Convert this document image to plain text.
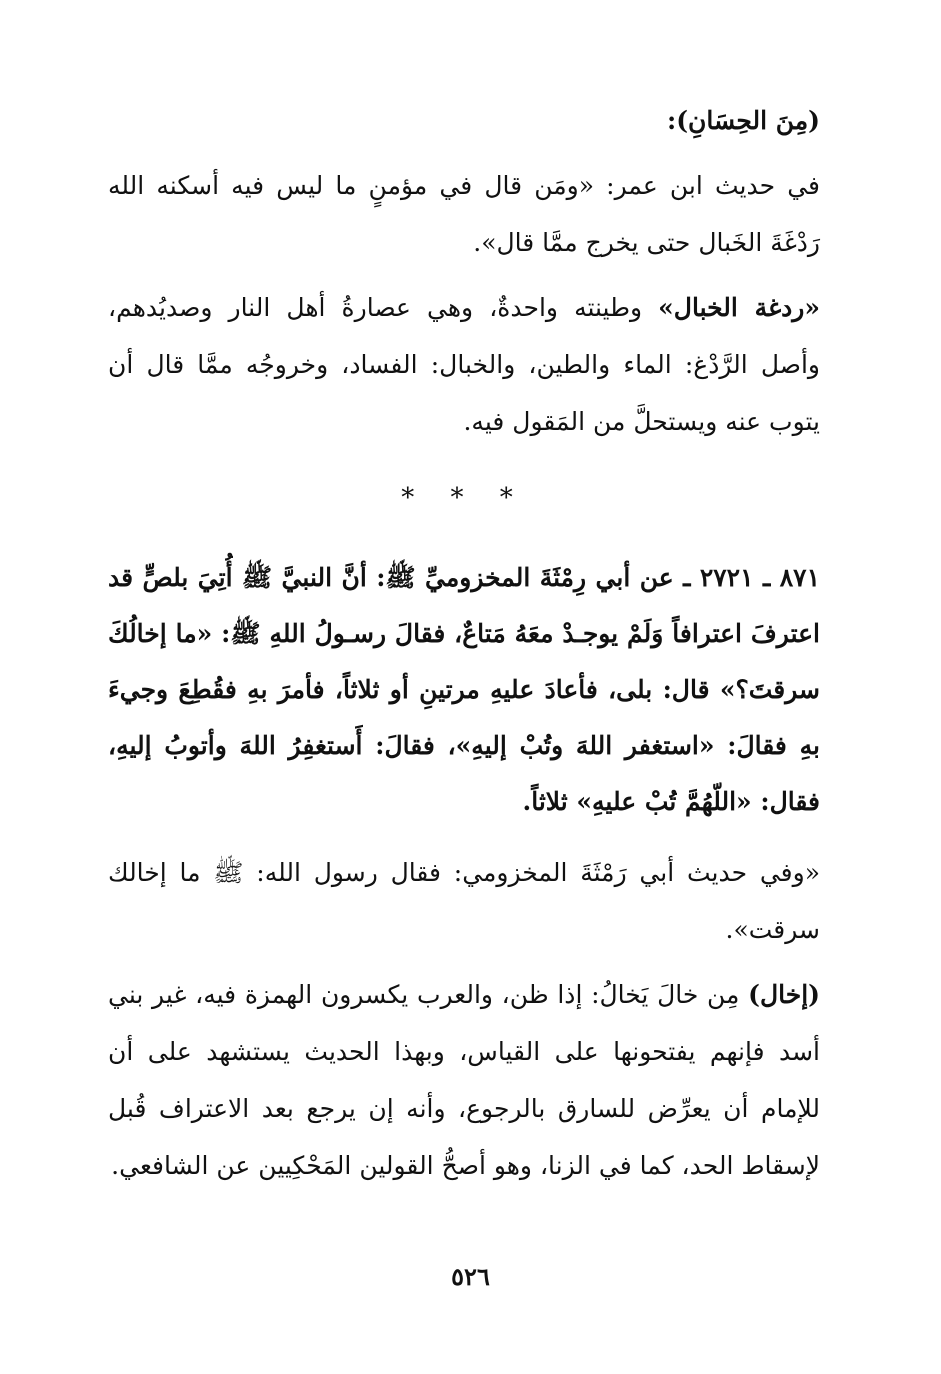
(مِنَ الحِسَانِ):

في حديث ابن عمر: «ومَن قال في مؤمنٍ ما ليس فيه أسكنه الله رَدْغَةَ الخَبال حتى يخرج ممَّا قال».

«ردغة الخبال» وطينته واحدةٌ، وهي عصارةُ أهل النار وصديُدهم، وأصل الرَّدْغ: الماء والطين، والخبال: الفساد، وخروجُه ممَّا قال أن يتوب عنه ويستحلَّ من المَقول فيه.

* * *

٨٧١ ـ ٢٧٢١ ـ عن أبي رِمْثَةَ المخزوميِّ ﷺ: أنَّ النبيَّ ﷺ أُتِيَ بلصٍّ قد اعترفَ اعترافاً وَلَمْ يوجـدْ معَهُ مَتاعٌ، فقالَ رسـولُ اللهِ ﷺ: «ما إخالُكَ سرقتَ؟» قال: بلى، فأعادَ عليهِ مرتينِ أو ثلاثاً، فأمرَ بهِ فقُطِعَ وجيءَ بهِ فقالَ: «استغفر اللهَ وتُبْ إليهِ»، فقالَ: أَستغفِرُ اللهَ وأتوبُ إليهِ، فقال: «اللّهُمَّ تُبْ عليهِ» ثلاثاً.

«وفي حديث أبي رَمْثَةَ المخزومي: فقال رسول الله: ﷺ ما إخالك سرقت».

(إخال) مِن خالَ يَخالُ: إذا ظن، والعرب يكسرون الهمزة فيه، غير بني أسد فإنهم يفتحونها على القياس، وبهذا الحديث يستشهد على أن للإمام أن يعرِّض للسارق بالرجوع، وأنه إن يرجع بعد الاعتراف قُبل لإسقاط الحد، كما في الزنا، وهو أصحُّ القولين المَحْكِيين عن الشافعي.

٥٢٦
